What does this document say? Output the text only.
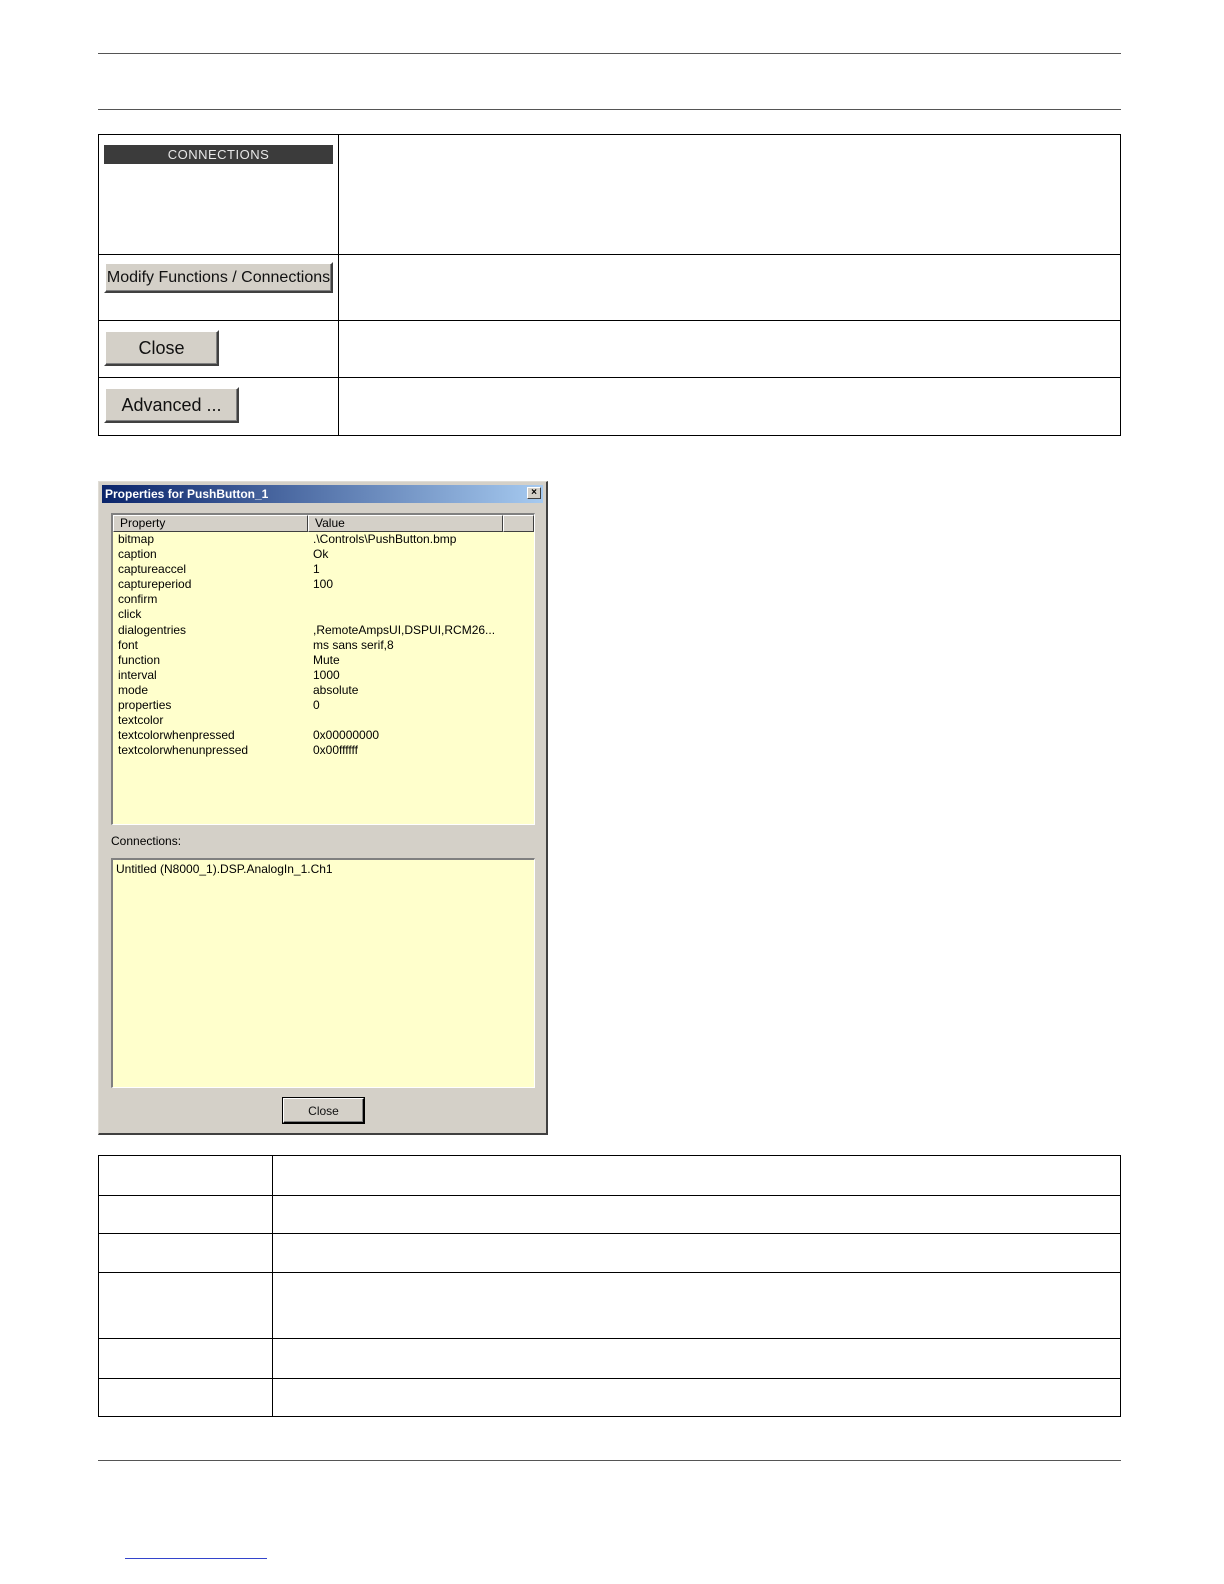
CONNECTIONS	

Modify Functions / Connections	
Close	
Advanced ...	
Properties for PushButton_1	×
Property	Value
bitmap	.\Controls\PushButton.bmp
caption	Ok
captureaccel	1
captureperiod	100
confirm
click
dialogentries	,RemoteAmpsUI,DSPUI,RCM26...
font	ms sans serif,8
function	Mute
interval	1000
mode	absolute
properties	0
textcolor
textcolorwhenpressed	0x00000000
textcolorwhenunpressed	0x00ffffff
Connections:
Untitled (N8000_1).DSP.AnalogIn_1.Ch1
Close
